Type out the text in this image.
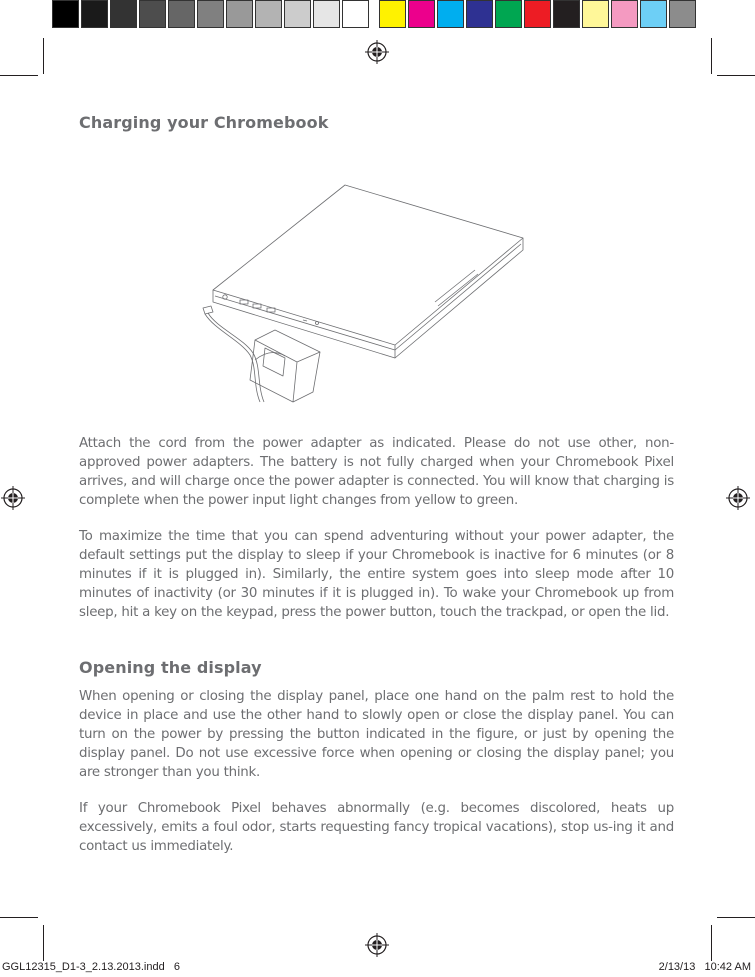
Charging your Chromebook

Attach the cord from the power adapter as indicated. Please do not use other, non-approved power adapters. The battery is not fully charged when your Chromebook Pixel arrives, and will charge once the power adapter is connected. You will know that charging is complete when the power input light changes from yellow to green.

To maximize the time that you can spend adventuring without your power adapter, the default settings put the display to sleep if your Chromebook is inactive for 6 minutes (or 8 minutes if it is plugged in). Similarly, the entire system goes into sleep mode after 10 minutes of inactivity (or 30 minutes if it is plugged in). To wake your Chromebook up from sleep, hit a key on the keypad, press the power button, touch the trackpad, or open the lid.

Opening the display

When opening or closing the display panel, place one hand on the palm rest to hold the device in place and use the other hand to slowly open or close the display panel. You can turn on the power by pressing the button indicated in the figure, or just by opening the display panel. Do not use excessive force when opening or closing the display panel; you are stronger than you think.

If your Chromebook Pixel behaves abnormally (e.g. becomes discolored, heats up excessively, emits a foul odor, starts requesting fancy tropical vacations), stop us-ing it and contact us immediately.

GGL12315_D1-3_2.13.2013.indd   6	2/13/13   10:42 AM
